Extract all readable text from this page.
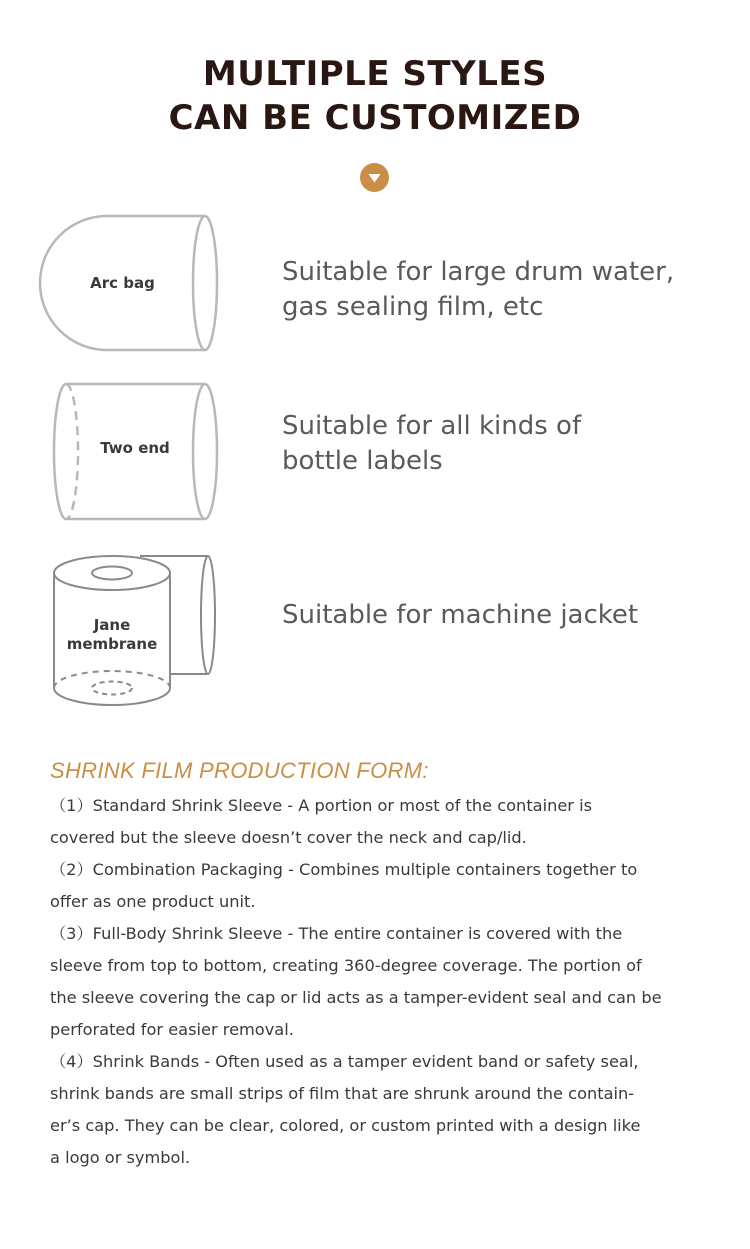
MULTIPLE STYLES
CAN BE CUSTOMIZED
Arc bag	Suitable for large drum water,
gas sealing film, etc
Two end
Suitable for all kinds of
bottle labels
Jane
membrane
Suitable for machine jacket
SHRINK FILM PRODUCTION FORM:
（1）Standard Shrink Sleeve - A portion or most of the container is
covered but the sleeve doesn’t cover the neck and cap/lid.
（2）Combination Packaging - Combines multiple containers together to
offer as one product unit.
（3）Full-Body Shrink Sleeve - The entire container is covered with the
sleeve from top to bottom, creating 360-degree coverage. The portion of
the sleeve covering the cap or lid acts as a tamper-evident seal and can be
perforated for easier removal.
（4）Shrink Bands - Often used as a tamper evident band or safety seal,
shrink bands are small strips of film that are shrunk around the contain-
er’s cap. They can be clear, colored, or custom printed with a design like
a logo or symbol.
